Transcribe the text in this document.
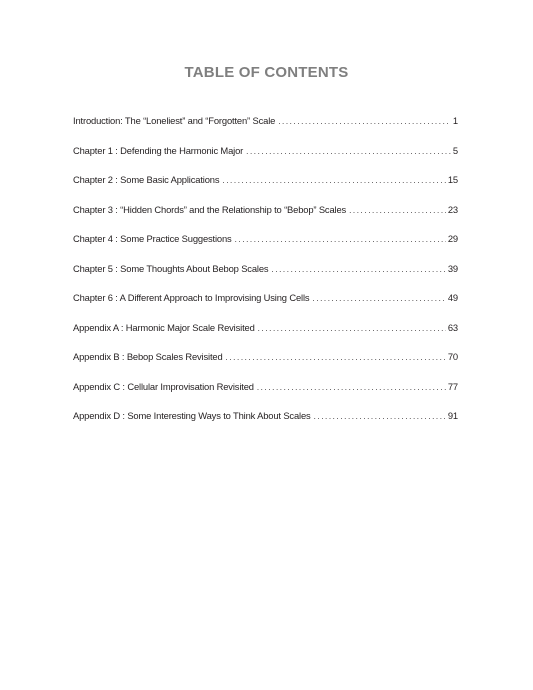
TABLE OF CONTENTS
Introduction: The “Loneliest” and “Forgotten” Scale .....	1
Chapter 1 : Defending the Harmonic Major .....	5
Chapter 2 : Some Basic Applications .....	15
Chapter 3 : “Hidden Chords” and the Relationship to “Bebop” Scales .....	23
Chapter 4 : Some Practice Suggestions .....	29
Chapter 5 : Some Thoughts About Bebop Scales .....	39
Chapter 6 : A Different Approach to Improvising Using Cells .....	49
Appendix A : Harmonic Major Scale Revisited .....	63
Appendix B : Bebop Scales Revisited .....	70
Appendix C : Cellular Improvisation Revisited .....	77
Appendix D : Some Interesting Ways to Think About Scales .....	91
